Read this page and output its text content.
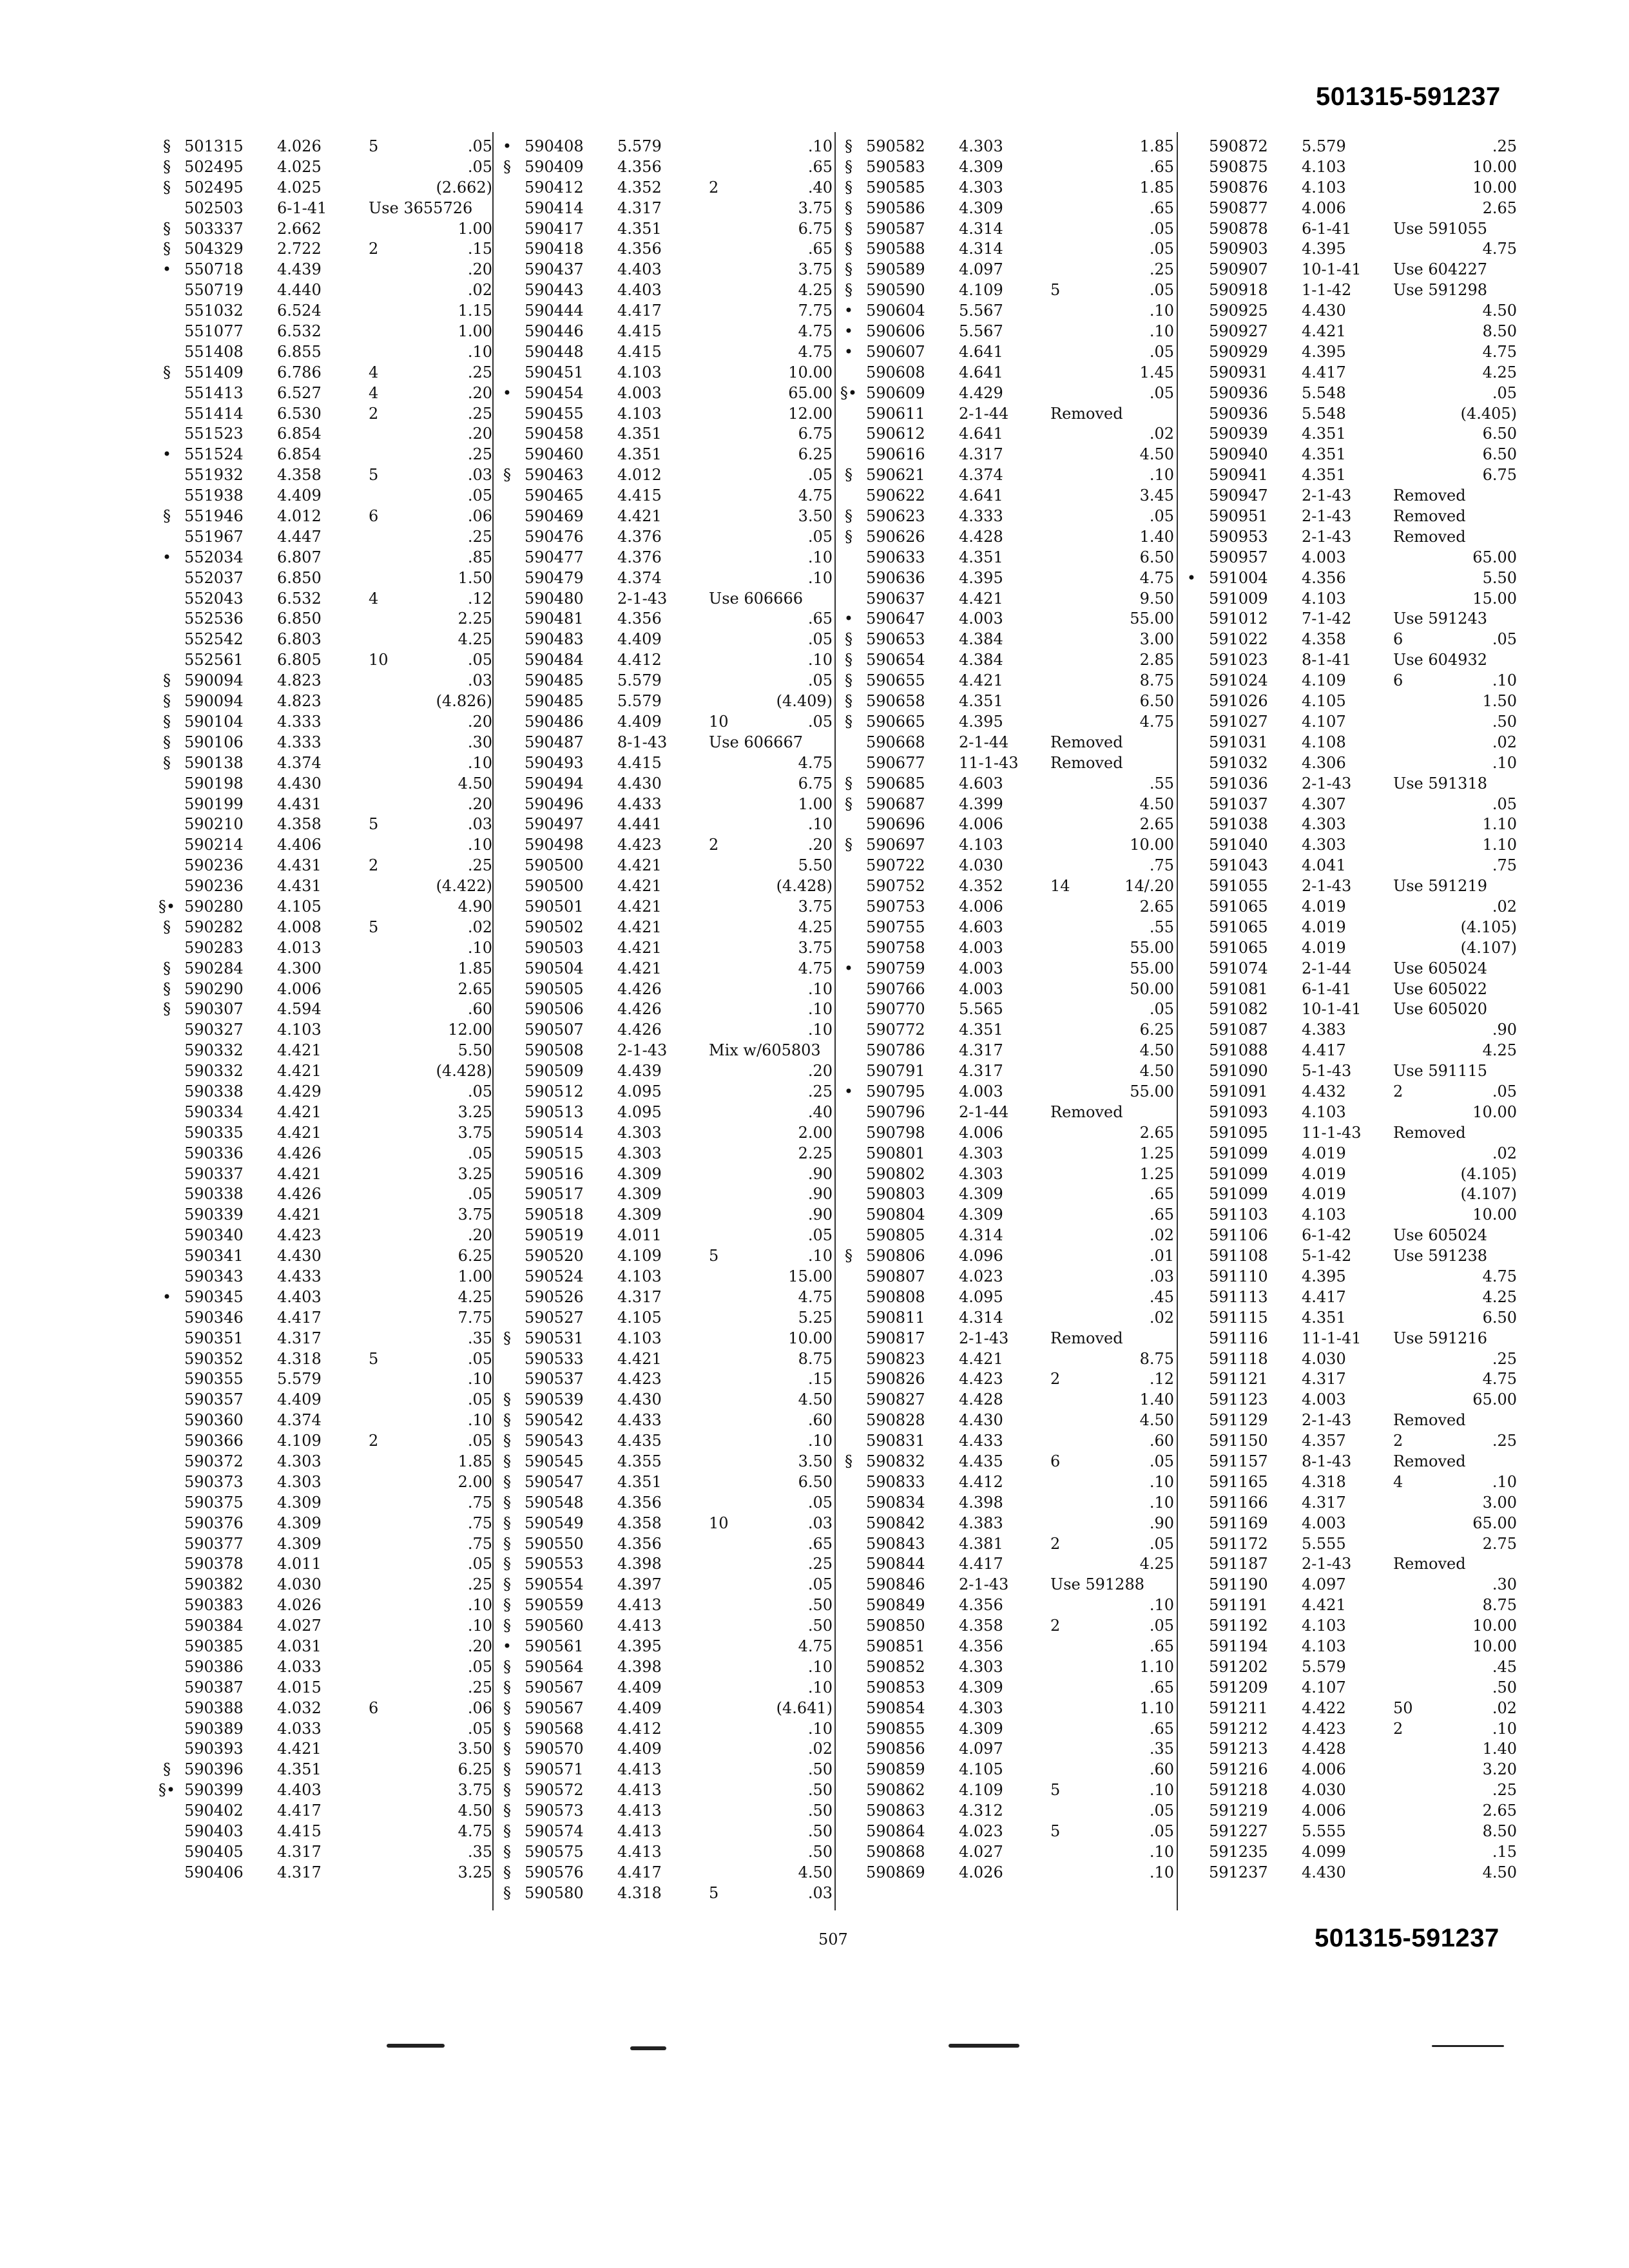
501315-591237
§ 501315 4.026	5	.05
§ 502495 4.025	.05
§ 502495 4.025	(2.662)
502503 6-1-41	Use 3655726
§ 503337 2.662	1.00
§ 504329 2.722	2	.15
• 550718 4.439	.20
550719 4.440	.02
551032 6.524	1.15
551077 6.532	1.00
551408 6.855	.10
§ 551409 6.786	4	.25
551413 6.527	4	.20
551414 6.530	2	.25
551523 6.854	.20
• 551524 6.854	.25
551932 4.358	5	.03
551938 4.409	.05
§ 551946 4.012	6	.06
551967 4.447	.25
• 552034 6.807	.85
552037 6.850	1.50
552043 6.532	4	.12
552536 6.850	2.25
552542 6.803	4.25
552561 6.805	10	.05
§ 590094 4.823	.03
§ 590094 4.823	(4.826)
§ 590104 4.333	.20
§ 590106 4.333	.30
§ 590138 4.374	.10
590198 4.430	4.50
590199 4.431	.20
590210 4.358	5	.03
590214 4.406	.10
590236 4.431	2	.25
590236 4.431	(4.422)
§• 590280 4.105	4.90
§ 590282 4.008	5	.02
590283 4.013	.10
§ 590284 4.300	1.85
§ 590290 4.006	2.65
§ 590307 4.594	.60
590327 4.103	12.00
590332 4.421	5.50
590332 4.421	(4.428)
590338 4.429	.05
590334 4.421	3.25
590335 4.421	3.75
590336 4.426	.05
590337 4.421	3.25
590338 4.426	.05
590339 4.421	3.75
590340 4.423	.20
590341 4.430	6.25
590343 4.433	1.00
• 590345 4.403	4.25
590346 4.417	7.75
590351 4.317	.35
590352 4.318	5	.05
590355 5.579	.10
590357 4.409	.05
590360 4.374	.10
590366 4.109	2	.05
590372 4.303	1.85
590373 4.303	2.00
590375 4.309	.75
590376 4.309	.75
590377 4.309	.75
590378 4.011	.05
590382 4.030	.25
590383 4.026	.10
590384 4.027	.10
590385 4.031	.20
590386 4.033	.05
590387 4.015	.25
590388 4.032	6	.06
590389 4.033	.05
590393 4.421	3.50
§ 590396 4.351	6.25
§• 590399 4.403	3.75
590402 4.417	4.50
590403 4.415	4.75
590405 4.317	.35
590406 4.317	3.25
• 590408 5.579	.10
§ 590409 4.356	.65
590412 4.352	2	.40
590414 4.317	3.75
590417 4.351	6.75
590418 4.356	.65
590437 4.403	3.75
590443 4.403	4.25
590444 4.417	7.75
590446 4.415	4.75
590448 4.415	4.75
590451 4.103	10.00
• 590454 4.003	65.00
590455 4.103	12.00
590458 4.351	6.75
590460 4.351	6.25
§ 590463 4.012	.05
590465 4.415	4.75
590469 4.421	3.50
590476 4.376	.05
590477 4.376	.10
590479 4.374	.10
590480 2-1-43	Use 606666
590481 4.356	.65
590483 4.409	.05
590484 4.412	.10
590485 5.579	.05
590485 5.579	(4.409)
590486 4.409	10	.05
590487 8-1-43	Use 606667
590493 4.415	4.75
590494 4.430	6.75
590496 4.433	1.00
590497 4.441	.10
590498 4.423	2	.20
590500 4.421	5.50
590500 4.421	(4.428)
590501 4.421	3.75
590502 4.421	4.25
590503 4.421	3.75
590504 4.421	4.75
590505 4.426	.10
590506 4.426	.10
590507 4.426	.10
590508 2-1-43	Mix w/605803
590509 4.439	.20
590512 4.095	.25
590513 4.095	.40
590514 4.303	2.00
590515 4.303	2.25
590516 4.309	.90
590517 4.309	.90
590518 4.309	.90
590519 4.011	.05
590520 4.109	5	.10
590524 4.103	15.00
590526 4.317	4.75
590527 4.105	5.25
§ 590531 4.103	10.00
590533 4.421	8.75
590537 4.423	.15
§ 590539 4.430	4.50
§ 590542 4.433	.60
§ 590543 4.435	.10
§ 590545 4.355	3.50
§ 590547 4.351	6.50
§ 590548 4.356	.05
§ 590549 4.358	10	.03
§ 590550 4.356	.65
§ 590553 4.398	.25
§ 590554 4.397	.05
§ 590559 4.413	.50
§ 590560 4.413	.50
• 590561 4.395	4.75
§ 590564 4.398	.10
§ 590567 4.409	.10
§ 590567 4.409	(4.641)
§ 590568 4.412	.10
§ 590570 4.409	.02
§ 590571 4.413	.50
§ 590572 4.413	.50
§ 590573 4.413	.50
§ 590574 4.413	.50
§ 590575 4.413	.50
§ 590576 4.417	4.50
§ 590580 4.318	5	.03
§ 590582 4.303	1.85
§ 590583 4.309	.65
§ 590585 4.303	1.85
§ 590586 4.309	.65
§ 590587 4.314	.05
§ 590588 4.314	.05
§ 590589 4.097	.25
§ 590590 4.109	5	.05
• 590604 5.567	.10
• 590606 5.567	.10
• 590607 4.641	.05
590608 4.641	1.45
§• 590609 4.429	.05
590611 2-1-44	Removed
590612 4.641	.02
590616 4.317	4.50
§ 590621 4.374	.10
590622 4.641	3.45
§ 590623 4.333	.05
§ 590626 4.428	1.40
590633 4.351	6.50
590636 4.395	4.75
590637 4.421	9.50
• 590647 4.003	55.00
§ 590653 4.384	3.00
§ 590654 4.384	2.85
§ 590655 4.421	8.75
§ 590658 4.351	6.50
§ 590665 4.395	4.75
590668 2-1-44	Removed
590677 11-1-43 Removed
§ 590685 4.603	.55
§ 590687 4.399	4.50
590696 4.006	2.65
§ 590697 4.103	10.00
590722 4.030	.75
590752 4.352	14	14/.20
590753 4.006	2.65
590755 4.603	.55
590758 4.003	55.00
• 590759 4.003	55.00
590766 4.003	50.00
590770 5.565	.05
590772 4.351	6.25
590786 4.317	4.50
590791 4.317	4.50
• 590795 4.003	55.00
590796 2-1-44	Removed
590798 4.006	2.65
590801 4.303	1.25
590802 4.303	1.25
590803 4.309	.65
590804 4.309	.65
590805 4.314	.02
§ 590806 4.096	.01
590807 4.023	.03
590808 4.095	.45
590811 4.314	.02
590817 2-1-43	Removed
590823 4.421	8.75
590826 4.423	2	.12
590827 4.428	1.40
590828 4.430	4.50
590831 4.433	.60
§ 590832 4.435	6	.05
590833 4.412	.10
590834 4.398	.10
590842 4.383	.90
590843 4.381	2	.05
590844 4.417	4.25
590846 2-1-43	Use 591288
590849 4.356	.10
590850 4.358	2	.05
590851 4.356	.65
590852 4.303	1.10
590853 4.309	.65
590854 4.303	1.10
590855 4.309	.65
590856 4.097	.35
590859 4.105	.60
590862 4.109	5	.10
590863 4.312	.05
590864 4.023	5	.05
590868 4.027	.10
590869 4.026	.10
590872 5.579	.25
590875 4.103	10.00
590876 4.103	10.00
590877 4.006	2.65
590878 6-1-41	Use 591055
590903 4.395	4.75
590907 10-1-41 Use 604227
590918 1-1-42	Use 591298
590925 4.430	4.50
590927 4.421	8.50
590929 4.395	4.75
590931 4.417	4.25
590936 5.548	.05
590936 5.548	(4.405)
590939 4.351	6.50
590940 4.351	6.50
590941 4.351	6.75
590947 2-1-43	Removed
590951 2-1-43	Removed
590953 2-1-43	Removed
590957 4.003	65.00
• 591004 4.356	5.50
591009 4.103	15.00
591012 7-1-42	Use 591243
591022 4.358	6	.05
591023 8-1-41	Use 604932
591024 4.109	6	.10
591026 4.105	1.50
591027 4.107	.50
591031 4.108	.02
591032 4.306	.10
591036 2-1-43	Use 591318
591037 4.307	.05
591038 4.303	1.10
591040 4.303	1.10
591043 4.041	.75
591055 2-1-43	Use 591219
591065 4.019	.02
591065 4.019	(4.105)
591065 4.019	(4.107)
591074 2-1-44	Use 605024
591081 6-1-41	Use 605022
591082 10-1-41 Use 605020
591087 4.383	.90
591088 4.417	4.25
591090 5-1-43	Use 591115
591091 4.432	2	.05
591093 4.103	10.00
591095 11-1-43 Removed
591099 4.019	.02
591099 4.019	(4.105)
591099 4.019	(4.107)
591103 4.103	10.00
591106 6-1-42	Use 605024
591108 5-1-42	Use 591238
591110 4.395	4.75
591113 4.417	4.25
591115 4.351	6.50
591116 11-1-41 Use 591216
591118 4.030	.25
591121 4.317	4.75
591123 4.003	65.00
591129 2-1-43	Removed
591150 4.357	2	.25
591157 8-1-43	Removed
591165 4.318	4	.10
591166 4.317	3.00
591169 4.003	65.00
591172 5.555	2.75
591187 2-1-43	Removed
591190 4.097	.30
591191 4.421	8.75
591192 4.103	10.00
591194 4.103	10.00
591202 5.579	.45
591209 4.107	.50
591211 4.422	50	.02
591212 4.423	2	.10
591213 4.428	1.40
591216 4.006	3.20
591218 4.030	.25
591219 4.006	2.65
591227 5.555	8.50
591235 4.099	.15
591237 4.430	4.50
507	501315-591237
